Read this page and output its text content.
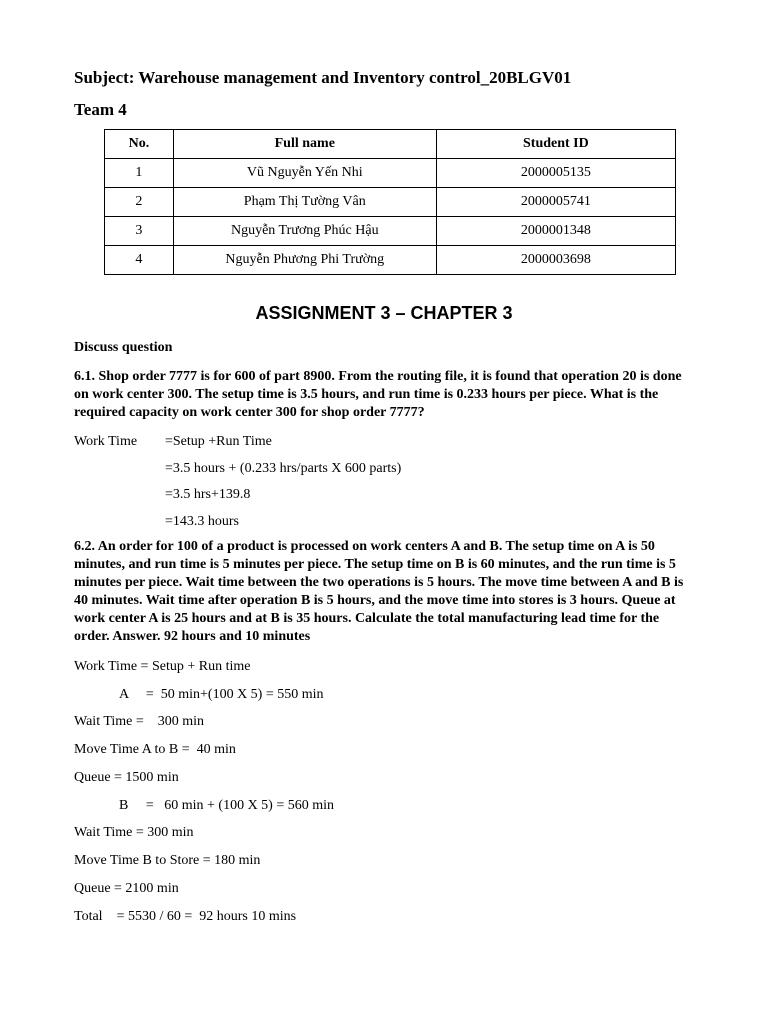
Subject: Warehouse management and Inventory control_20BLGV01
Team 4
No.	Full name	Student ID
1	Vũ Nguyễn Yến Nhi	2000005135
2	Phạm Thị Tường Vân	2000005741
3	Nguyễn Trương Phúc Hậu	2000001348
4	Nguyễn Phương Phi Trường	2000003698
ASSIGNMENT 3 – CHAPTER 3
Discuss question
6.1. Shop order 7777 is for 600 of part 8900. From the routing file, it is found that operation 20 is done on work center 300. The setup time is 3.5 hours, and run time is 0.233 hours per piece. What is the required capacity on work center 300 for shop order 7777?
Work Time =Setup +Run Time
=3.5 hours + (0.233 hrs/parts X 600 parts)
=3.5 hrs+139.8
=143.3 hours
6.2. An order for 100 of a product is processed on work centers A and B. The setup time on A is 50 minutes, and run time is 5 minutes per piece. The setup time on B is 60 minutes, and the run time is 5 minutes per piece. Wait time between the two operations is 5 hours. The move time between A and B is 40 minutes. Wait time after operation B is 5 hours, and the move time into stores is 3 hours. Queue at work center A is 25 hours and at B is 35 hours. Calculate the total manufacturing lead time for the order. Answer. 92 hours and 10 minutes
Work Time = Setup + Run time
A     =  50 min+(100 X 5) = 550 min
Wait Time =    300 min
Move Time A to B =  40 min
Queue = 1500 min
B     =   60 min + (100 X 5) = 560 min
Wait Time = 300 min
Move Time B to Store = 180 min
Queue = 2100 min
Total    = 5530 / 60 =  92 hours 10 mins
